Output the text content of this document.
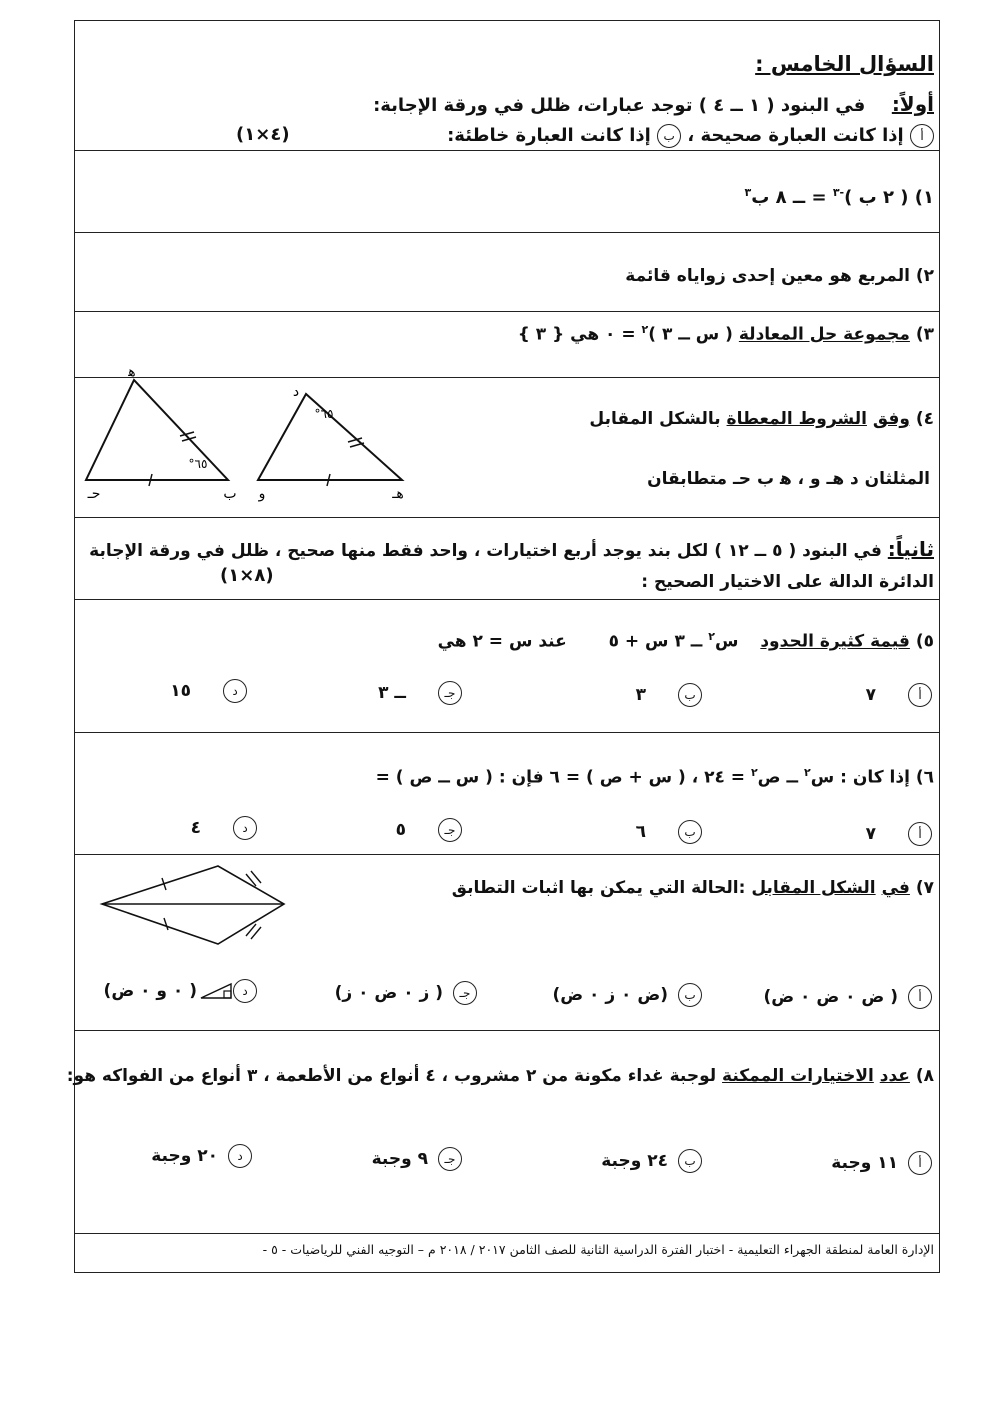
السؤال الخامس :
أولاً:  في البنود ( ١ ــ ٤ ) توجد عبارات، ظلل في ورقة الإجابة:
أ إذا كانت العبارة صحيحة ، ب إذا كانت العبارة خاطئة:
(٤×١)
١) ( ٢ ب )$^{-٣}$ = ــ ٨ ب$^٣$
٢) المربع هو معين إحدى زواياه قائمة
٣) مجموعة حل المعادلة ( س ــ ٣ )$^٢$ = ٠ هي { ٣ }
٤) وفق الشروط المعطاة بالشكل المقابل
المثلثان د هـ و ، ﻫ ب حـ متطابقان
ﻫ
حـ	ب
٦٥°
د
و	هـ
٦٥°
ثانياً: في البنود ( ٥ ــ ١٢ ) لكل بند يوجد أربع اختيارات ، واحد فقط منها صحيح ، ظلل في ورقة الإجابة
الدائرة الدالة على الاختيار الصحيح :
(٨×١)
٥) قيمة كثيرة الحدود  س$^٢$ ــ ٣ س + ٥  عند س = ٢ هي
أ
٧
ب
٣
جـ
ــ ٣
د
١٥
٦) إذا كان : س$^٢$ ــ ص$^٢$ = ٢٤ ، ( س + ص ) = ٦ فإن : ( س ــ ص ) =
أ
٧
ب
٦
جـ
٥
د
٤
٧) في الشكل المقابل :الحالة التي يمكن بها اثبات التطابق
أ
( ض ٠ ض ٠ ض)
ب
(ض ٠ ز ٠ ض)
جـ
( ز ٠ ض ٠ ز)
د
( ٠ و ٠ ض)
٨) عدد الاختيارات الممكنة لوجبة غداء مكونة من ٢ مشروب ، ٤ أنواع من الأطعمة ، ٣ أنواع من الفواكه هو:
أ
١١ وجبة
ب
٢٤ وجبة
جـ
٩ وجبة
د
٢٠ وجبة
الإدارة العامة لمنطقة الجهراء التعليمية - اختبار الفترة الدراسية الثانية للصف الثامن ٢٠١٧ / ٢٠١٨ م – التوجيه الفني للرياضيات - ٥ -
